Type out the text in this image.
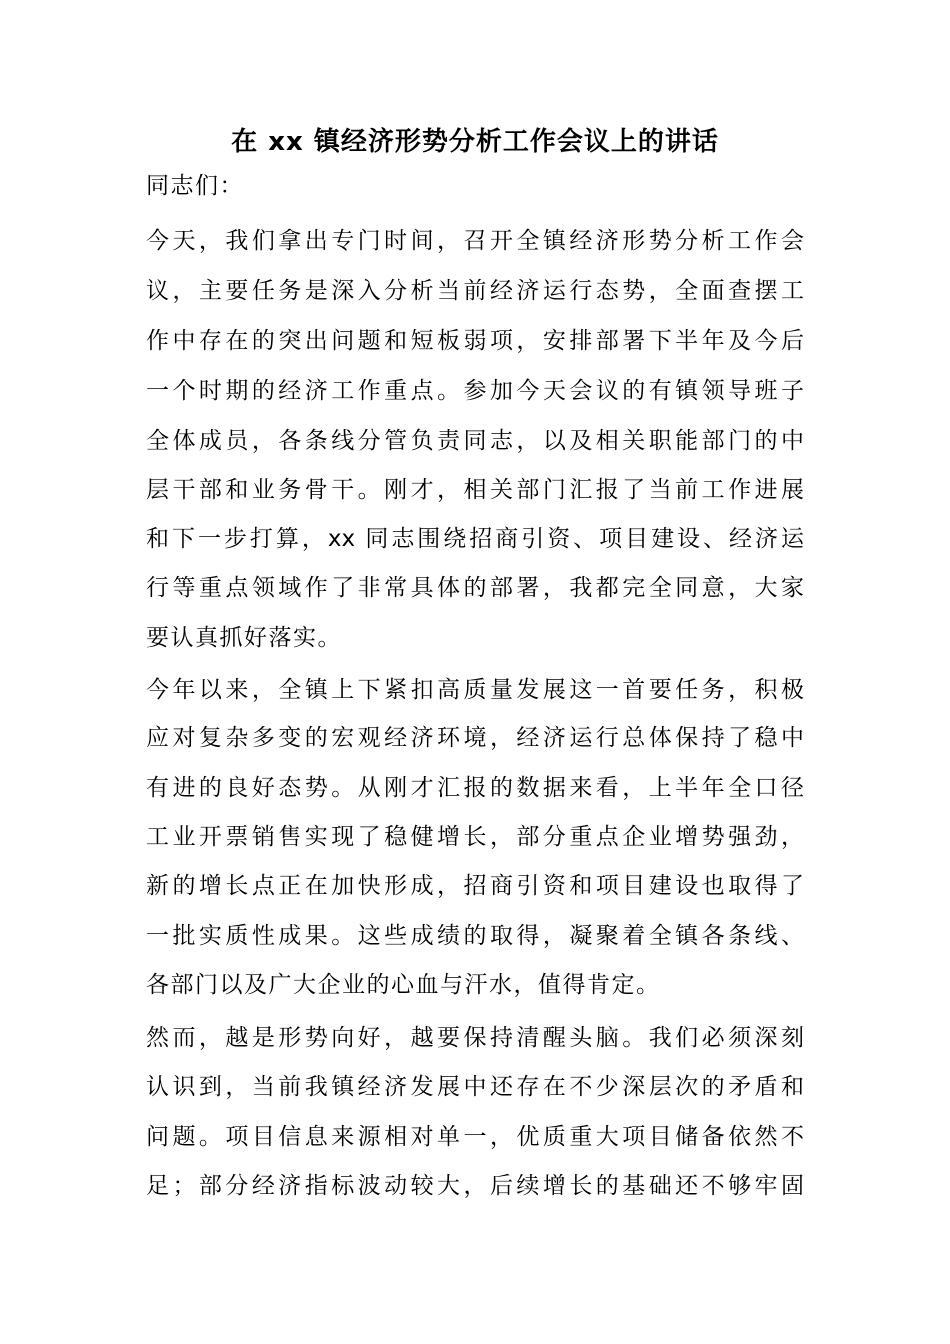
在 xx 镇经济形势分析工作会议上的讲话

同志们：

今天，我们拿出专门时间，召开全镇经济形势分析工作会

议，主要任务是深入分析当前经济运行态势，全面查摆工

作中存在的突出问题和短板弱项，安排部署下半年及今后

一个时期的经济工作重点。参加今天会议的有镇领导班子

全体成员，各条线分管负责同志，以及相关职能部门的中

层干部和业务骨干。刚才，相关部门汇报了当前工作进展

和下一步打算，xx 同志围绕招商引资、项目建设、经济运

行等重点领域作了非常具体的部署，我都完全同意，大家

要认真抓好落实。

今年以来，全镇上下紧扣高质量发展这一首要任务，积极

应对复杂多变的宏观经济环境，经济运行总体保持了稳中

有进的良好态势。从刚才汇报的数据来看，上半年全口径

工业开票销售实现了稳健增长，部分重点企业增势强劲，

新的增长点正在加快形成，招商引资和项目建设也取得了

一批实质性成果。这些成绩的取得，凝聚着全镇各条线、

各部门以及广大企业的心血与汗水，值得肯定。

然而，越是形势向好，越要保持清醒头脑。我们必须深刻

认识到，当前我镇经济发展中还存在不少深层次的矛盾和

问题。项目信息来源相对单一，优质重大项目储备依然不

足；部分经济指标波动较大，后续增长的基础还不够牢固
